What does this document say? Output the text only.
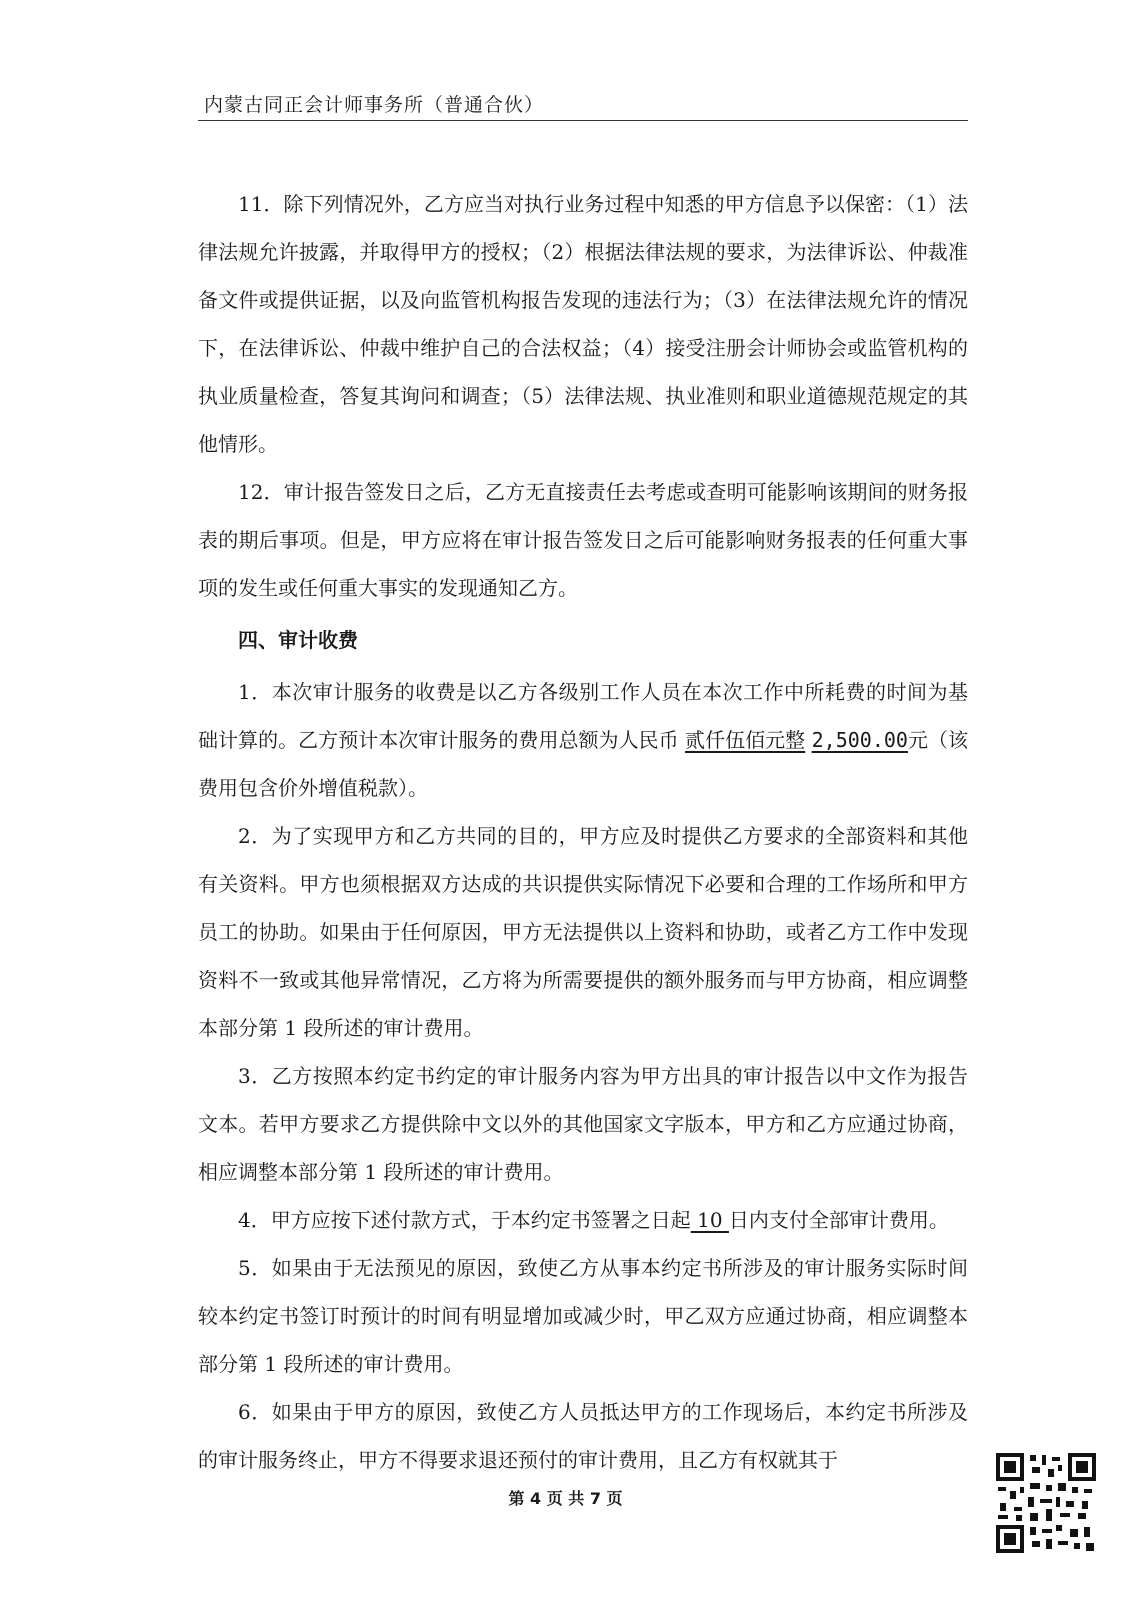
内蒙古同正会计师事务所（普通合伙）

11．除下列情况外，乙方应当对执行业务过程中知悉的甲方信息予以保密：（1）法律法规允许披露，并取得甲方的授权；（2）根据法律法规的要求，为法律诉讼、仲裁准备文件或提供证据，以及向监管机构报告发现的违法行为；（3）在法律法规允许的情况下，在法律诉讼、仲裁中维护自己的合法权益；（4）接受注册会计师协会或监管机构的执业质量检查，答复其询问和调查；（5）法律法规、执业准则和职业道德规范规定的其他情形。

12．审计报告签发日之后，乙方无直接责任去考虑或查明可能影响该期间的财务报表的期后事项。但是，甲方应将在审计报告签发日之后可能影响财务报表的任何重大事项的发生或任何重大事实的发现通知乙方。

四、审计收费

1．本次审计服务的收费是以乙方各级别工作人员在本次工作中所耗费的时间为基础计算的。乙方预计本次审计服务的费用总额为人民币 贰仟伍佰元整 2,500.00元（该费用包含价外增值税款）。

2．为了实现甲方和乙方共同的目的，甲方应及时提供乙方要求的全部资料和其他有关资料。甲方也须根据双方达成的共识提供实际情况下必要和合理的工作场所和甲方员工的协助。如果由于任何原因，甲方无法提供以上资料和协助，或者乙方工作中发现资料不一致或其他异常情况，乙方将为所需要提供的额外服务而与甲方协商，相应调整本部分第 1 段所述的审计费用。

3．乙方按照本约定书约定的审计服务内容为甲方出具的审计报告以中文作为报告文本。若甲方要求乙方提供除中文以外的其他国家文字版本，甲方和乙方应通过协商，相应调整本部分第 1 段所述的审计费用。

4．甲方应按下述付款方式，于本约定书签署之日起 10 日内支付全部审计费用。

5．如果由于无法预见的原因，致使乙方从事本约定书所涉及的审计服务实际时间较本约定书签订时预计的时间有明显增加或减少时，甲乙双方应通过协商，相应调整本部分第 1 段所述的审计费用。

6．如果由于甲方的原因，致使乙方人员抵达甲方的工作现场后，本约定书所涉及的审计服务终止，甲方不得要求退还预付的审计费用，且乙方有权就其于

第 4 页 共 7 页
